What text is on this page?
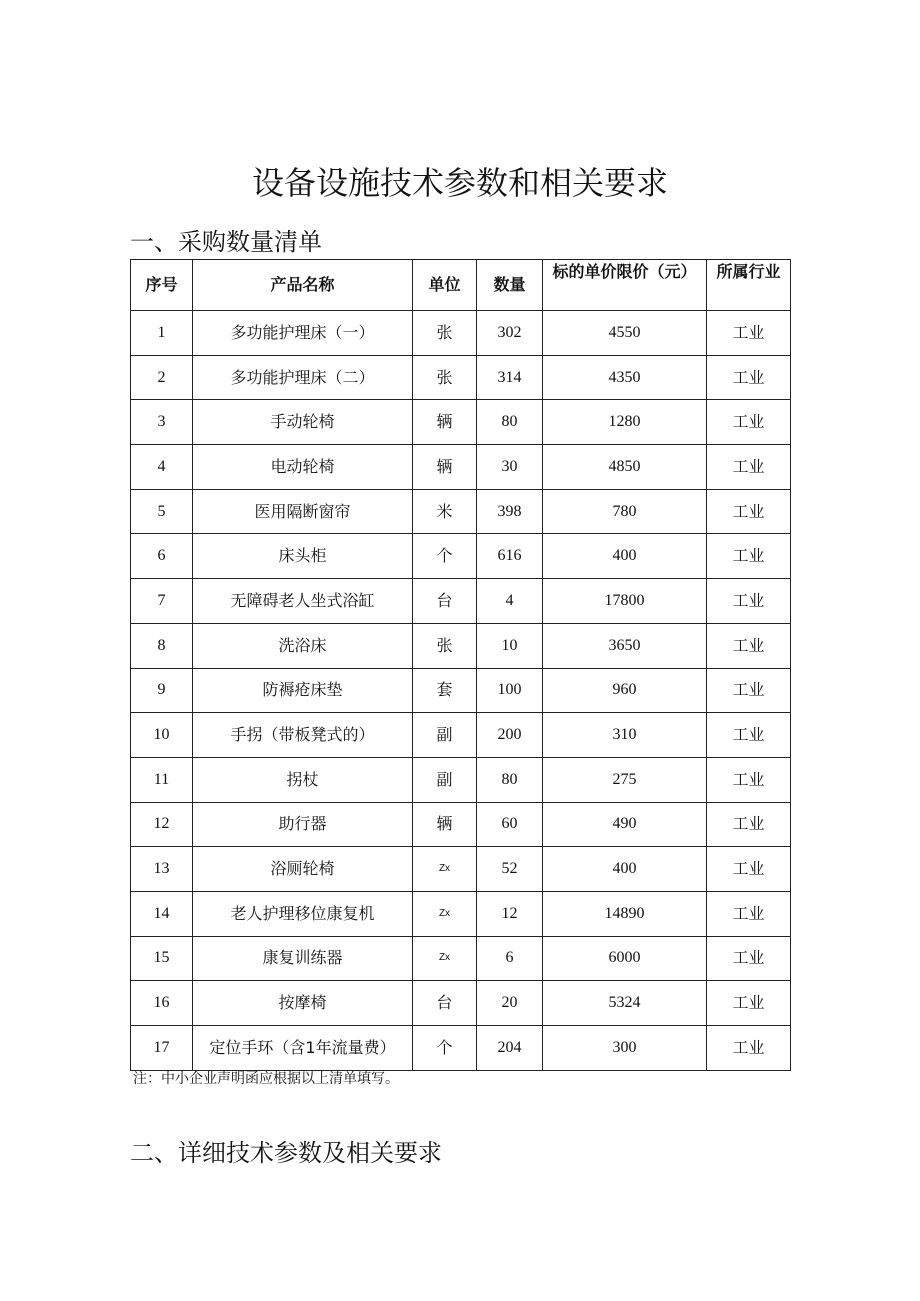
设备设施技术参数和相关要求
一、采购数量清单
序号	产品名称	单位	数量	标的单价限价（元）	所属行业
1	多功能护理床（一）	张	302	4550	工业
2	多功能护理床（二）	张	314	4350	工业
3	手动轮椅	辆	80	1280	工业
4	电动轮椅	辆	30	4850	工业
5	医用隔断窗帘	米	398	780	工业
6	床头柜	个	616	400	工业
7	无障碍老人坐式浴缸	台	4	17800	工业
8	洗浴床	张	10	3650	工业
9	防褥疮床垫	套	100	960	工业
10	手拐（带板凳式的）	副	200	310	工业
11	拐杖	副	80	275	工业
12	助行器	辆	60	490	工业
13	浴厕轮椅	Zx	52	400	工业
14	老人护理移位康复机	Zx	12	14890	工业
15	康复训练器	Zx	6	6000	工业
16	按摩椅	台	20	5324	工业
17	定位手环（含1年流量费）	个	204	300	工业
注：中小企业声明函应根据以上清单填写。
二、详细技术参数及相关要求
